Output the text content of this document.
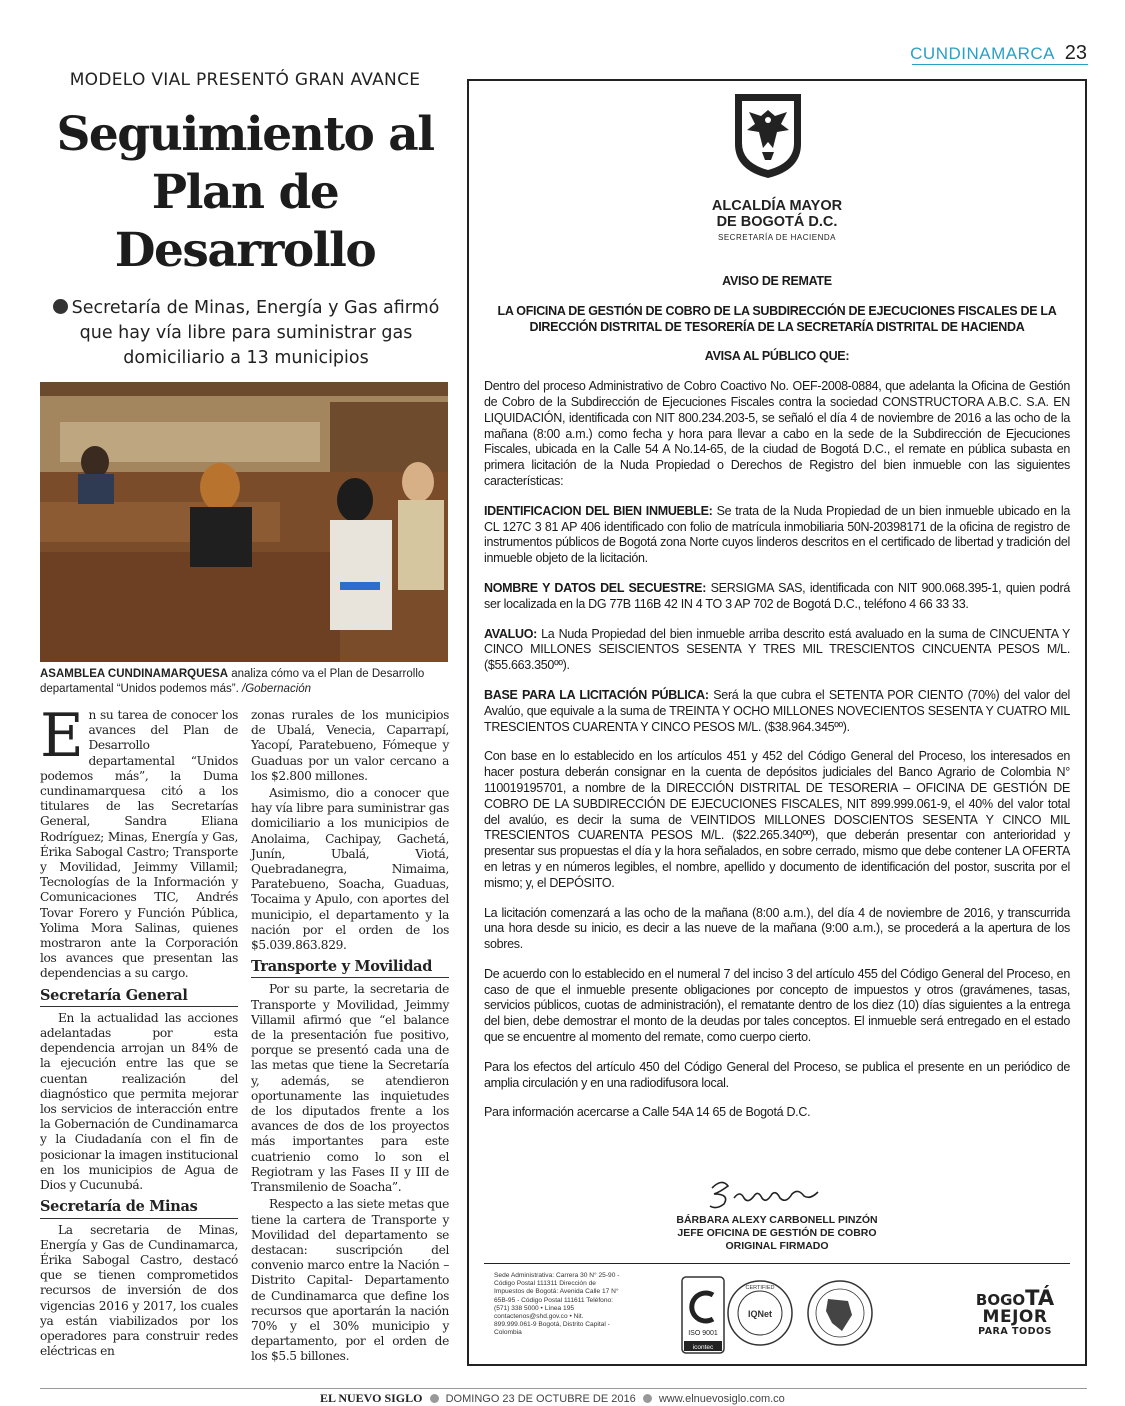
CUNDINAMARCA 23
MODELO VIAL PRESENTÓ GRAN AVANCE
Seguimiento al Plan de Desarrollo
Secretaría de Minas, Energía y Gas afirmó que hay vía libre para suministrar gas domiciliario a 13 municipios
ASAMBLEA CUNDINAMARQUESA analiza cómo va el Plan de Desarrollo departamental “Unidos podemos más”. /Gobernación

En su tarea de conocer los avances del Plan de Desarrollo departamental “Unidos podemos más”, la Duma cundinamarquesa citó a los titulares de las Secretarías General, Sandra Eliana Rodríguez; Minas, Energía y Gas, Érika Sabogal Castro; Transporte y Movilidad, Jeimmy Villamil; Tecnologías de la Información y Comunicaciones TIC, Andrés Tovar Forero y Función Pública, Yolima Mora Salinas, quienes mostraron ante la Corporación los avances que presentan las dependencias a su cargo.

Secretaría General

En la actualidad las acciones adelantadas por esta dependencia arrojan un 84% de la ejecución entre las que se cuentan realización del diagnóstico que permita mejorar los servicios de interacción entre la Gobernación de Cundinamarca y la Ciudadanía con el fin de posicionar la imagen institucional en los municipios de Agua de Dios y Cucunubá.

Secretaría de Minas

La secretaria de Minas, Energía y Gas de Cundinamarca, Érika Sabogal Castro, destacó que se tienen comprometidos recursos de inversión de dos vigencias 2016 y 2017, los cuales ya están viabilizados por los operadores para construir redes eléctricas en

zonas rurales de los municipios de Ubalá, Venecia, Caparrapí, Yacopí, Paratebueno, Fómeque y Guaduas por un valor cercano a los $2.800 millones.

Asimismo, dio a conocer que hay vía libre para suministrar gas domiciliario a los municipios de Anolaima, Cachipay, Gachetá, Junín, Ubalá, Viotá, Quebradanegra, Nimaima, Paratebueno, Soacha, Guaduas, Tocaima y Apulo, con aportes del municipio, el departamento y la nación por el orden de los $5.039.863.829.

Transporte y Movilidad

Por su parte, la secretaria de Transporte y Movilidad, Jeimmy Villamil afirmó que “el balance de la presentación fue positivo, porque se presentó cada una de las metas que tiene la Secretaría y, además, se atendieron oportunamente las inquietudes de los diputados frente a los avances de dos de los proyectos más importantes para este cuatrienio como lo son el Regiotram y las Fases II y III de Transmilenio de Soacha”.

Respecto a las siete metas que tiene la cartera de Transporte y Movilidad del departamento se destacan: suscripción del convenio marco entre la Nación –Distrito Capital- Departamento de Cundinamarca que define los recursos que aportarán la nación 70% y el 30% municipio y departamento, por el orden de los $5.5 billones.

ALCALDÍA MAYOR
DE BOGOTÁ D.C.
SECRETARÍA DE HACIENDA

AVISO DE REMATE

LA OFICINA DE GESTIÓN DE COBRO DE LA SUBDIRECCIÓN DE EJECUCIONES FISCALES DE LA DIRECCIÓN DISTRITAL DE TESORERÍA DE LA SECRETARÍA DISTRITAL DE HACIENDA

AVISA AL PÚBLICO QUE:

Dentro del proceso Administrativo de Cobro Coactivo No. OEF-2008-0884, que adelanta la Oficina de Gestión de Cobro de la Subdirección de Ejecuciones Fiscales contra la sociedad CONSTRUCTORA A.B.C. S.A. EN LIQUIDACIÓN, identificada con NIT 800.234.203-5, se señaló el día 4 de noviembre de 2016 a las ocho de la mañana (8:00 a.m.) como fecha y hora para llevar a cabo en la sede de la Subdirección de Ejecuciones Fiscales, ubicada en la Calle 54 A No.14-65, de la ciudad de Bogotá D.C., el remate en pública subasta en primera licitación de la Nuda Propiedad o Derechos de Registro del bien inmueble con las siguientes características:

IDENTIFICACION DEL BIEN INMUEBLE: Se trata de la Nuda Propiedad de un bien inmueble ubicado en la CL 127C 3 81 AP 406 identificado con folio de matrícula inmobiliaria 50N-20398171 de la oficina de registro de instrumentos públicos de Bogotá zona Norte cuyos linderos descritos en el certificado de libertad y tradición del inmueble objeto de la licitación.

NOMBRE Y DATOS DEL SECUESTRE: SERSIGMA SAS, identificada con NIT 900.068.395-1, quien podrá ser localizada en la DG 77B 116B 42 IN 4 TO 3 AP 702 de Bogotá D.C., teléfono 4 66 33 33.

AVALUO: La Nuda Propiedad del bien inmueble arriba descrito está avaluado en la suma de CINCUENTA Y CINCO MILLONES SEISCIENTOS SESENTA Y TRES MIL TRESCIENTOS CINCUENTA PESOS M/L. ($55.663.350ºº).

BASE PARA LA LICITACIÓN PÚBLICA: Será la que cubra el SETENTA POR CIENTO (70%) del valor del Avalúo, que equivale a la suma de TREINTA Y OCHO MILLONES NOVECIENTOS SESENTA Y CUATRO MIL TRESCIENTOS CUARENTA Y CINCO PESOS M/L. ($38.964.345ºº).

Con base en lo establecido en los artículos 451 y 452 del Código General del Proceso, los interesados en hacer postura deberán consignar en la cuenta de depósitos judiciales del Banco Agrario de Colombia N° 110019195701, a nombre de la DIRECCIÓN DISTRITAL DE TESORERIA – OFICINA DE GESTIÓN DE COBRO DE LA SUBDIRECCIÓN DE EJECUCIONES FISCALES, NIT 899.999.061-9, el 40% del valor total del avalúo, es decir la suma de VEINTIDOS MILLONES DOSCIENTOS SESENTA Y CINCO MIL TRESCIENTOS CUARENTA PESOS M/L. ($22.265.340ºº), que deberán presentar con anterioridad y presentar sus propuestas el día y la hora señalados, en sobre cerrado, mismo que debe contener LA OFERTA en letras y en números legibles, el nombre, apellido y documento de identificación del postor, suscrita por el mismo; y, el DEPÓSITO.

La licitación comenzará a las ocho de la mañana (8:00 a.m.), del día 4 de noviembre de 2016, y transcurrida una hora desde su inicio, es decir a las nueve de la mañana (9:00 a.m.), se procederá a la apertura de los sobres.

De acuerdo con lo establecido en el numeral 7 del inciso 3 del artículo 455 del Código General del Proceso, en caso de que el inmueble presente obligaciones por concepto de impuestos y otros (gravámenes, tasas, servicios públicos, cuotas de administración), el rematante dentro de los diez (10) días siguientes a la entrega del bien, debe demostrar el monto de la deudas por tales conceptos. El inmueble será entregado en el estado que se encuentre al momento del remate, como cuerpo cierto.

Para los efectos del artículo 450 del Código General del Proceso, se publica el presente en un periódico de amplia circulación y en una radiodifusora local.

Para información acercarse a Calle 54A 14 65 de Bogotá D.C.

BÁRBARA ALEXY CARBONELL PINZÓN
JEFE OFICINA DE GESTIÓN DE COBRO
ORIGINAL FIRMADO
Sede Administrativa: Carrera 30 N° 25-90 - Código Postal 111311 Dirección de Impuestos de Bogotá: Avenida Calle 17 N° 65B-95 - Código Postal 111611 Teléfono: (571) 338 5000 • Línea 195 contactenos@shd.gov.co • Nit. 899.999.061-9 Bogotá, Distrito Capital - Colombia	ISO 9001
icontec
CERTIFIED
IQNet
BOGOTÁ
MEJOR
PARA TODOS
EL NUEVO SIGLO DOMINGO 23 DE OCTUBRE DE 2016 www.elnuevosiglo.com.co
